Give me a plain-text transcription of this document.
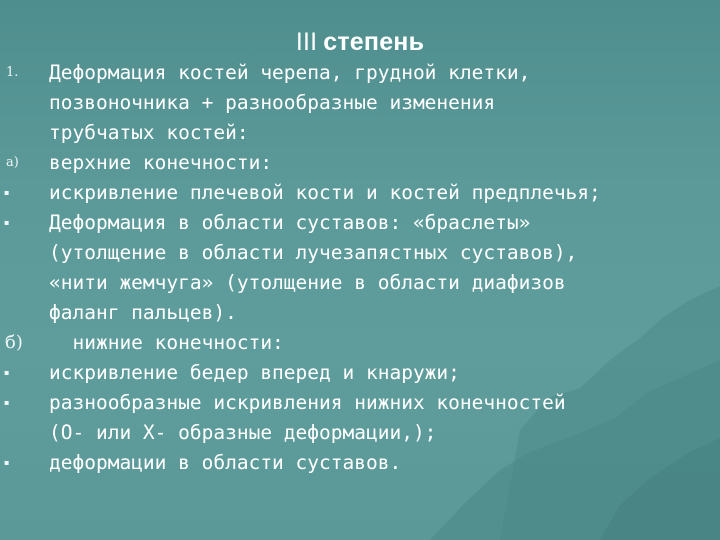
III степень
1. Деформация костей черепа, грудной клетки,
позвоночника + разнообразные изменения
трубчатых костей:
a) верхние конечности:
▪ искривление плечевой кости и костей предплечья;
▪ Деформация в области суставов: «браслеты»
(утолщение в области лучезапястных суставов),
«нити жемчуга» (утолщение в области диафизов
фаланг пальцев).
б) нижние конечности:
▪ искривление бедер вперед и кнаружи;
▪ разнообразные искривления нижних конечностей
(О- или Х- образные деформации,);
▪ деформации в области суставов.
